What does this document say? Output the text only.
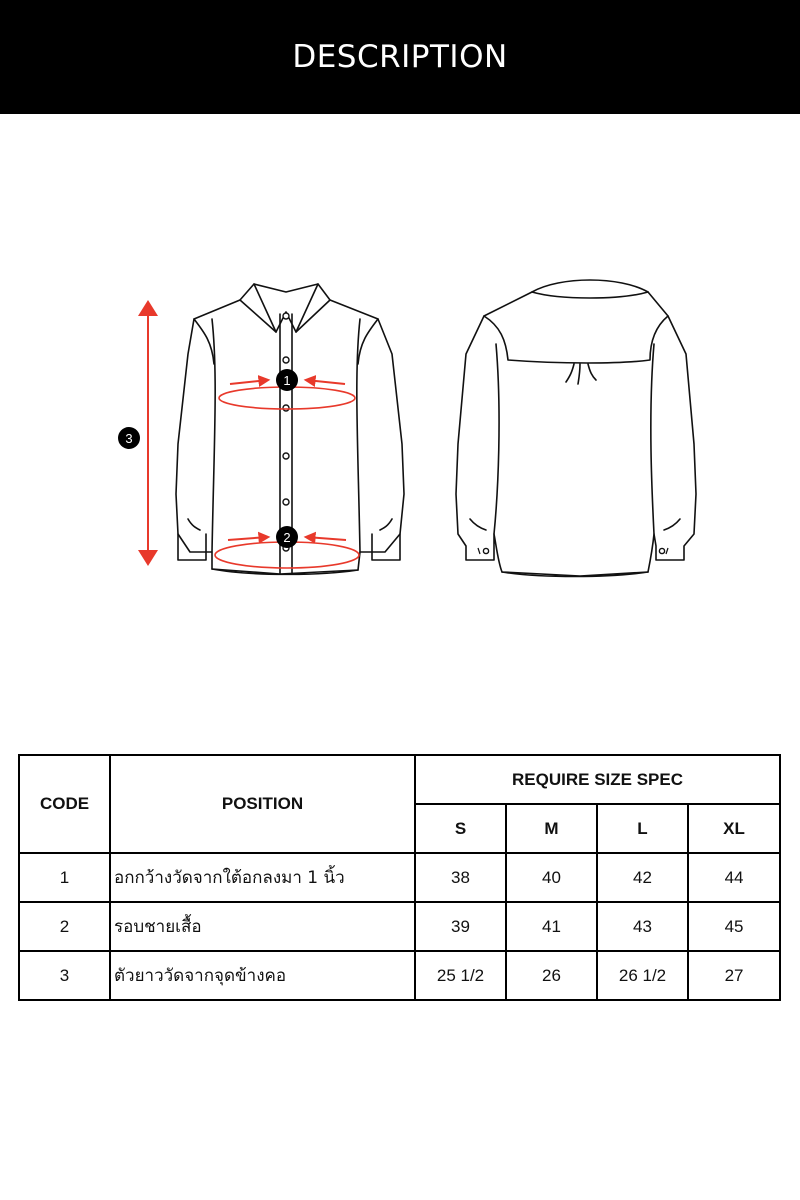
DESCRIPTION
1
2
3
CODE	POSITION	REQUIRE SIZE SPEC			
		S	M	L	XL
1	อกกว้างวัดจากใต้อกลงมา 1 นิ้ว	38	40	42	44
2	รอบชายเสื้อ	39	41	43	45
3	ตัวยาววัดจากจุดข้างคอ	25 1/2	26	26 1/2	27
